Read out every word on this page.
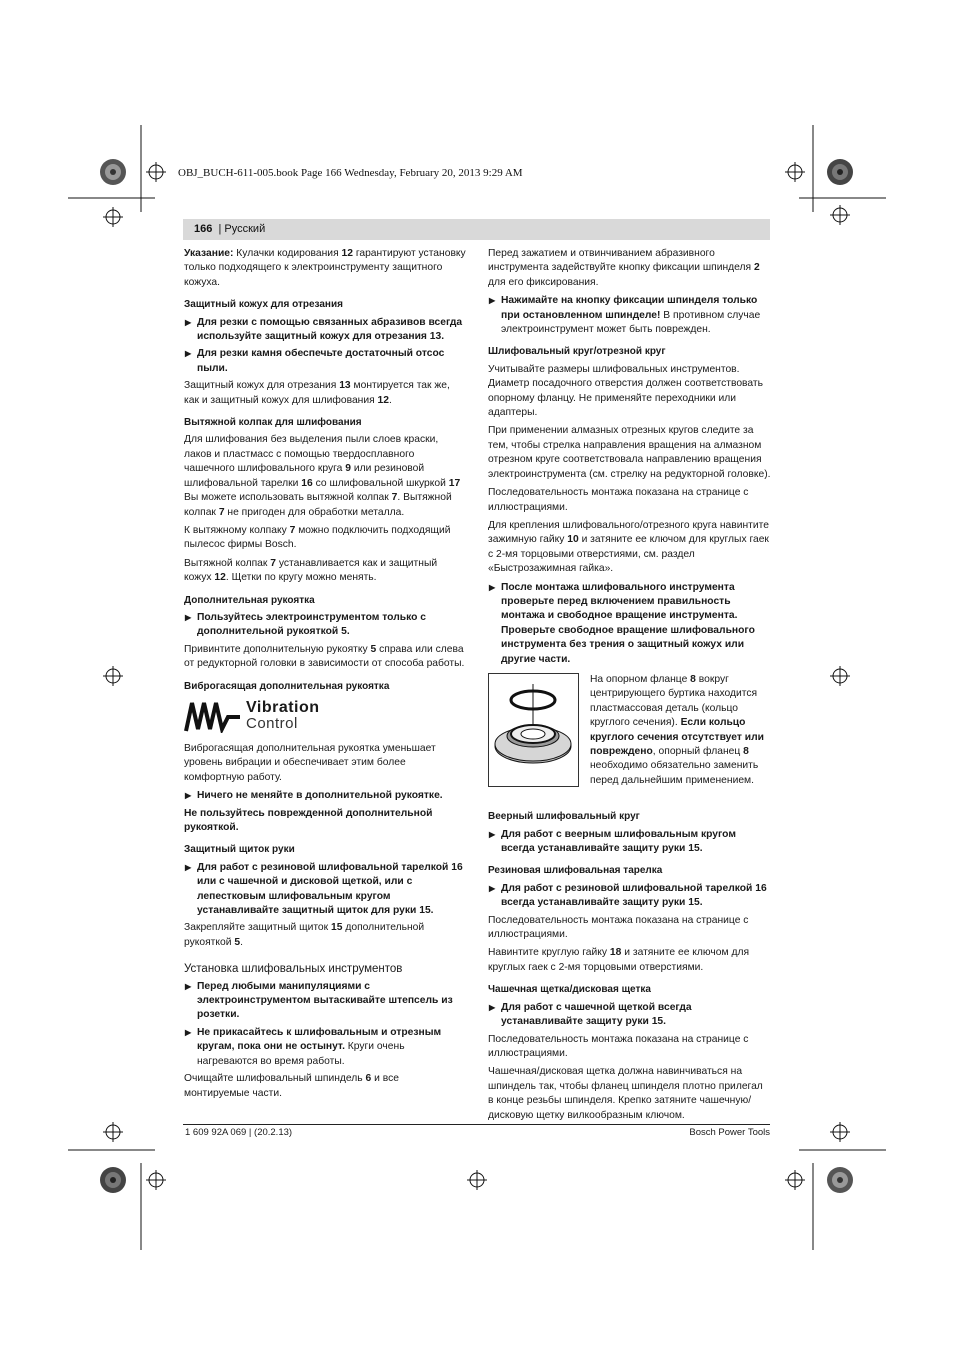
OBJ_BUCH-611-005.book Page 166 Wednesday, February 20, 2013 9:29 AM
166  | Русский

Указание: Кулачки кодирования 12 гарантируют установку только подходящего к электроинструменту защитного кожуха.

Защитный кожух для отрезания
▶ Для резки с помощью связанных абразивов всегда используйте защитный кожух для отрезания 13.
▶ Для резки камня обеспечьте достаточный отсос пыли.

Защитный кожух для отрезания 13 монтируется так же, как и защитный кожух для шлифования 12.

Вытяжной колпак для шлифования

Для шлифования без выделения пыли слоев краски, лаков и пластмасс с помощью твердосплавного чашечного шлифовального круга 9 или резиновой шлифовальной тарелки 16 со шлифовальной шкуркой 17 Вы можете использовать вытяжной колпак 7. Вытяжной колпак 7 не пригоден для обработки металла.

К вытяжному колпаку 7 можно подключить подходящий пылесос фирмы Bosch.

Вытяжной колпак 7 устанавливается как и защитный кожух 12. Щетки по кругу можно менять.

Дополнительная рукоятка
▶ Пользуйтесь электроинструментом только с дополнительной рукояткой 5.

Привинтите дополнительную рукоятку 5 справа или слева от редукторной головки в зависимости от способа работы.

Виброгасящая дополнительная рукоятка
Vibration
Control

Виброгасящая дополнительная рукоятка уменьшает уровень вибрации и обеспечивает этим более комфортную работу.

▶ Ничего не меняйте в дополнительной рукоятке.

Не пользуйтесь поврежденной дополнительной рукояткой.

Защитный щиток руки
▶ Для работ с резиновой шлифовальной тарелкой 16 или с чашечной и дисковой щеткой, или с лепестковым шлифовальным кругом устанавливайте защитный щиток для руки 15.

Закрепляйте защитный щиток 15 дополнительной рукояткой 5.

Установка шлифовальных инструментов
▶ Перед любыми манипуляциями с электроинструментом вытаскивайте штепсель из розетки.
▶ Не прикасайтесь к шлифовальным и отрезным кругам, пока они не остынут. Круги очень нагреваются во время работы.

Очищайте шлифовальный шпиндель 6 и все монтируемые части.

Перед зажатием и отвинчиванием абразивного инструмента задействуйте кнопку фиксации шпинделя 2 для его фиксирования.

▶ Нажимайте на кнопку фиксации шпинделя только при остановленном шпинделе! В противном случае электроинструмент может быть поврежден.
Шлифовальный круг/отрезной круг

Учитывайте размеры шлифовальных инструментов. Диаметр посадочного отверстия должен соответствовать опорному фланцу. Не применяйте переходники или адаптеры.

При применении алмазных отрезных кругов следите за тем, чтобы стрелка направления вращения на алмазном отрезном круге соответствовала направлению вращения электроинструмента (см. стрелку на редукторной головке).

Последовательность монтажа показана на странице с иллюстрациями.

Для крепления шлифовального/отрезного круга навинтите зажимную гайку 10 и затяните ее ключом для круглых гаек с 2-мя торцовыми отверстиями, см. раздел «Быстрозажимная гайка».

▶ После монтажа шлифовального инструмента проверьте перед включением правильность монтажа и свободное вращение инструмента. Проверьте свободное вращение шлифовального инструмента без трения о защитный кожух или другие части.
На опорном фланце 8 вокруг центрирующего буртика находится пластмассовая деталь (кольцо круглого сечения). Если кольцо круглого сечения отсутствует или повреждено, опорный фланец 8 необходимо обязательно заменить перед дальнейшим применением.
Веерный шлифовальный круг
▶ Для работ с веерным шлифовальным кругом всегда устанавливайте защиту руки 15.
Резиновая шлифовальная тарелка
▶ Для работ с резиновой шлифовальной тарелкой 16 всегда устанавливайте защиту руки 15.

Последовательность монтажа показана на странице с иллюстрациями.

Навинтите круглую гайку 18 и затяните ее ключом для круглых гаек с 2-мя торцовыми отверстиями.

Чашечная щетка/дисковая щетка
▶ Для работ с чашечной щеткой всегда устанавливайте защиту руки 15.

Последовательность монтажа показана на странице с иллюстрациями.

Чашечная/дисковая щетка должна навинчиваться на шпиндель так, чтобы фланец шпинделя плотно прилегал в конце резьбы шпинделя. Крепко затяните чашечную/дисковую щетку вилкообразным ключом.

1 609 92A 069 | (20.2.13)	Bosch Power Tools
